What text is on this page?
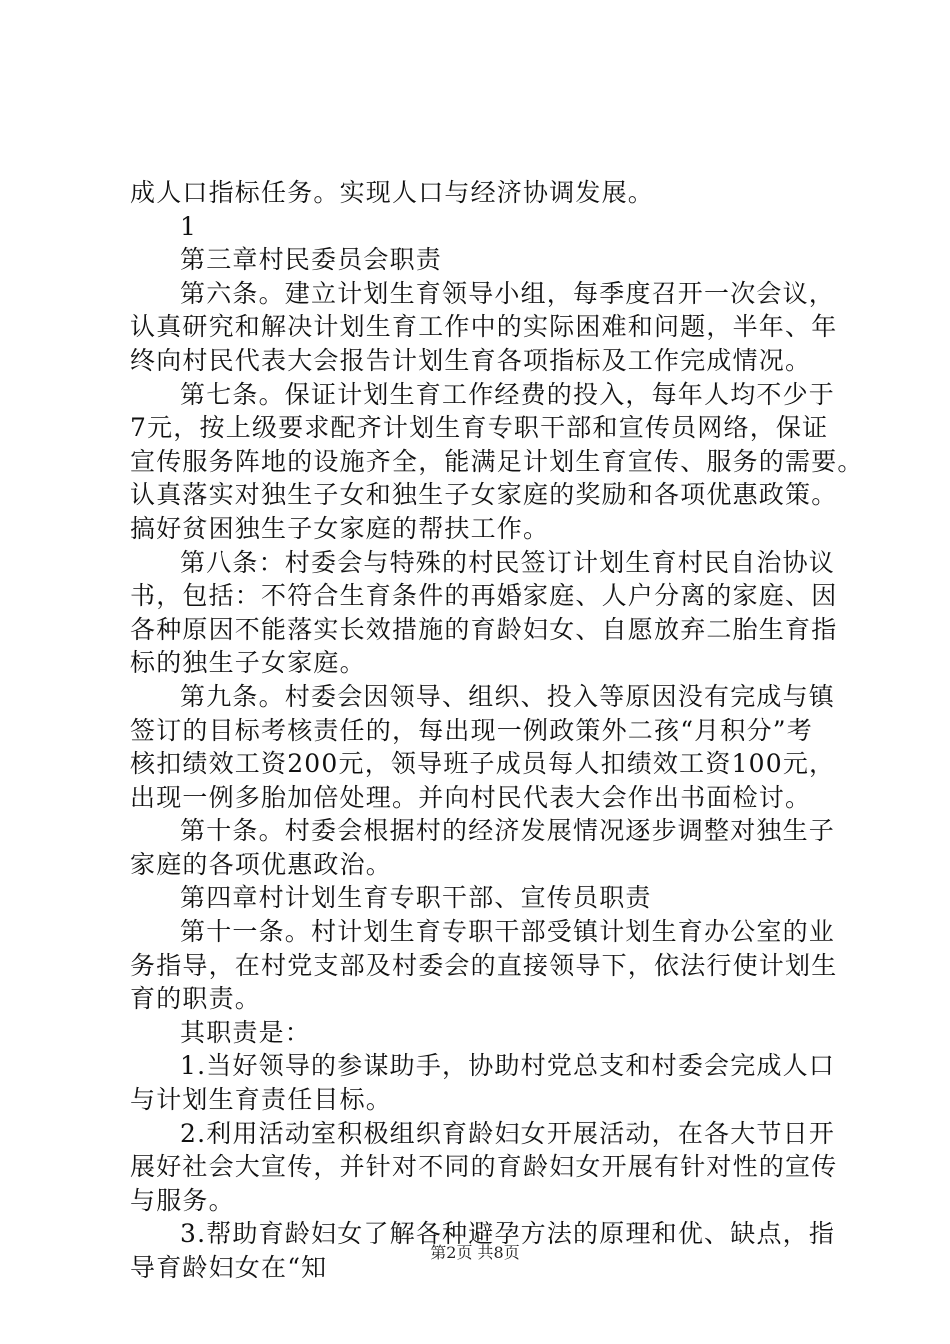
成人口指标任务。实现人口与经济协调发展。
1
第三章村民委员会职责
第六条。建立计划生育领导小组，每季度召开一次会议，
认真研究和解决计划生育工作中的实际困难和问题，半年、年
终向村民代表大会报告计划生育各项指标及工作完成情况。
第七条。保证计划生育工作经费的投入，每年人均不少于
7元，按上级要求配齐计划生育专职干部和宣传员网络，保证
宣传服务阵地的设施齐全，能满足计划生育宣传、服务的需要。
认真落实对独生子女和独生子女家庭的奖励和各项优惠政策。
搞好贫困独生子女家庭的帮扶工作。
第八条：村委会与特殊的村民签订计划生育村民自治协议
书，包括：不符合生育条件的再婚家庭、人户分离的家庭、因
各种原因不能落实长效措施的育龄妇女、自愿放弃二胎生育指
标的独生子女家庭。
第九条。村委会因领导、组织、投入等原因没有完成与镇
签订的目标考核责任的，每出现一例政策外二孩“月积分”考
核扣绩效工资200元，领导班子成员每人扣绩效工资100元，
出现一例多胎加倍处理。并向村民代表大会作出书面检讨。
第十条。村委会根据村的经济发展情况逐步调整对独生子
家庭的各项优惠政治。
第四章村计划生育专职干部、宣传员职责
第十一条。村计划生育专职干部受镇计划生育办公室的业
务指导，在村党支部及村委会的直接领导下，依法行使计划生
育的职责。
其职责是：
1.当好领导的参谋助手，协助村党总支和村委会完成人口
与计划生育责任目标。
2.利用活动室积极组织育龄妇女开展活动，在各大节日开
展好社会大宣传，并针对不同的育龄妇女开展有针对性的宣传
与服务。
3.帮助育龄妇女了解各种避孕方法的原理和优、缺点，指
导育龄妇女在“知
第2页 共8页
